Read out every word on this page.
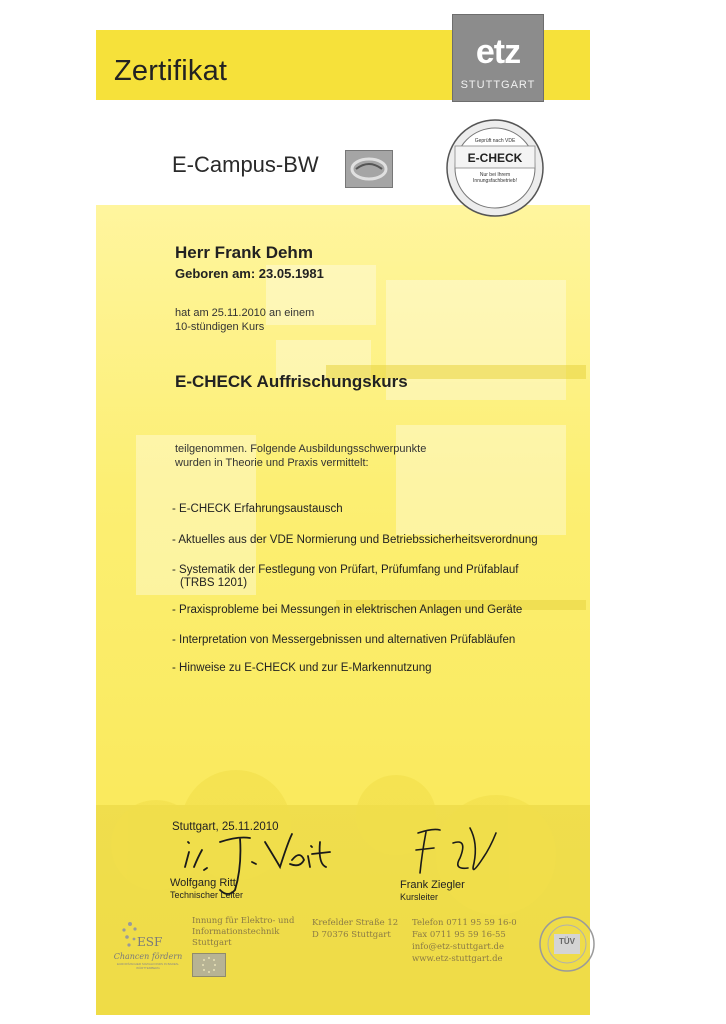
Zertifikat	etz
STUTTGART
E-Campus-BW
Geprüft nach VDE
E-CHECK
Nur bei Ihrem Innungsfachbetrieb!
Herr Frank Dehm
Geboren am: 23.05.1981
hat am 25.11.2010 an einem
10-stündigen Kurs
E-CHECK Auffrischungskurs
teilgenommen. Folgende Ausbildungsschwerpunkte
wurden in Theorie und Praxis vermittelt:
- E-CHECK Erfahrungsaustausch
- Aktuelles aus der VDE Normierung und Betriebssicherheitsverordnung
- Systematik der Festlegung von Prüfart, Prüfumfang und Prüfablauf
(TRBS 1201)
- Praxisprobleme bei Messungen in elektrischen Anlagen und Geräte
- Interpretation von Messergebnissen und alternativen Prüfabläufen
- Hinweise zu E-CHECK und zur E-Markennutzung
Stuttgart, 25.11.2010
Wolfgang Ritt
Technischer Leiter
Frank Ziegler
Kursleiter
ESF
Chancen fördern
EUROPÄISCHER SOZIALFONDS IN BADEN-WÜRTTEMBERG
Innung für Elektro- und
Informationstechnik
Stuttgart
Krefelder Straße 12
D 70376 Stuttgart
Telefon 0711 95 59 16-0
Fax 0711 95 59 16-55
info@etz-stuttgart.de
www.etz-stuttgart.de
TÜV
